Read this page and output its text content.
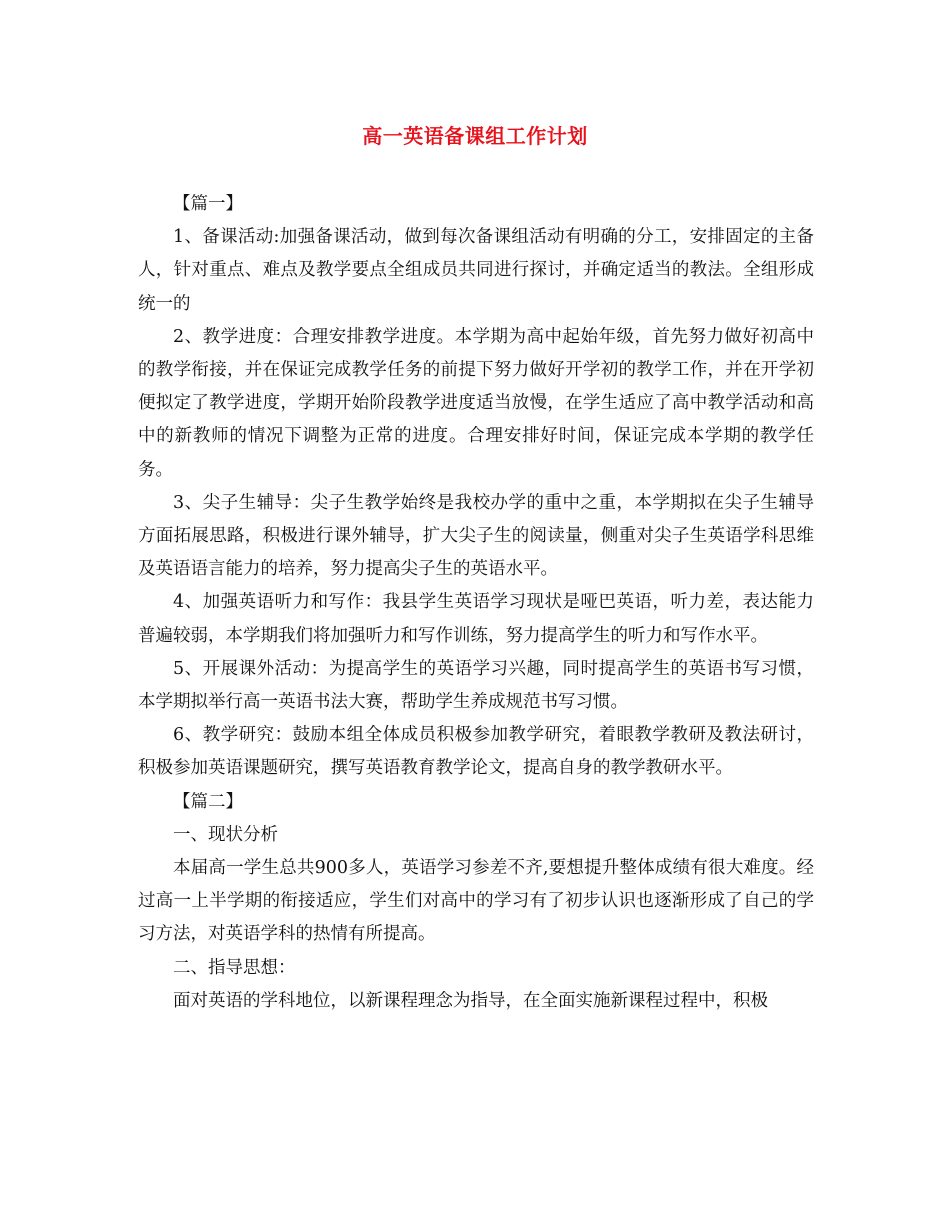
高一英语备课组工作计划

【篇一】

1、备课活动:加强备课活动，做到每次备课组活动有明确的分工，安排固定的主备人，针对重点、难点及教学要点全组成员共同进行探讨，并确定适当的教法。全组形成统一的

2、教学进度：合理安排教学进度。本学期为高中起始年级，首先努力做好初高中的教学衔接，并在保证完成教学任务的前提下努力做好开学初的教学工作，并在开学初便拟定了教学进度，学期开始阶段教学进度适当放慢，在学生适应了高中教学活动和高中的新教师的情况下调整为正常的进度。合理安排好时间，保证完成本学期的教学任务。

3、尖子生辅导：尖子生教学始终是我校办学的重中之重，本学期拟在尖子生辅导方面拓展思路，积极进行课外辅导，扩大尖子生的阅读量，侧重对尖子生英语学科思维及英语语言能力的培养，努力提高尖子生的英语水平。

4、加强英语听力和写作：我县学生英语学习现状是哑巴英语，听力差，表达能力普遍较弱，本学期我们将加强听力和写作训练，努力提高学生的听力和写作水平。

5、开展课外活动：为提高学生的英语学习兴趣，同时提高学生的英语书写习惯，本学期拟举行高一英语书法大赛，帮助学生养成规范书写习惯。

6、教学研究：鼓励本组全体成员积极参加教学研究，着眼教学教研及教法研讨，积极参加英语课题研究，撰写英语教育教学论文，提高自身的教学教研水平。

【篇二】

一、现状分析

本届高一学生总共900多人，英语学习参差不齐,要想提升整体成绩有很大难度。经过高一上半学期的衔接适应，学生们对高中的学习有了初步认识也逐渐形成了自己的学习方法，对英语学科的热情有所提高。

二、指导思想：

面对英语的学科地位，以新课程理念为指导，在全面实施新课程过程中，积极
